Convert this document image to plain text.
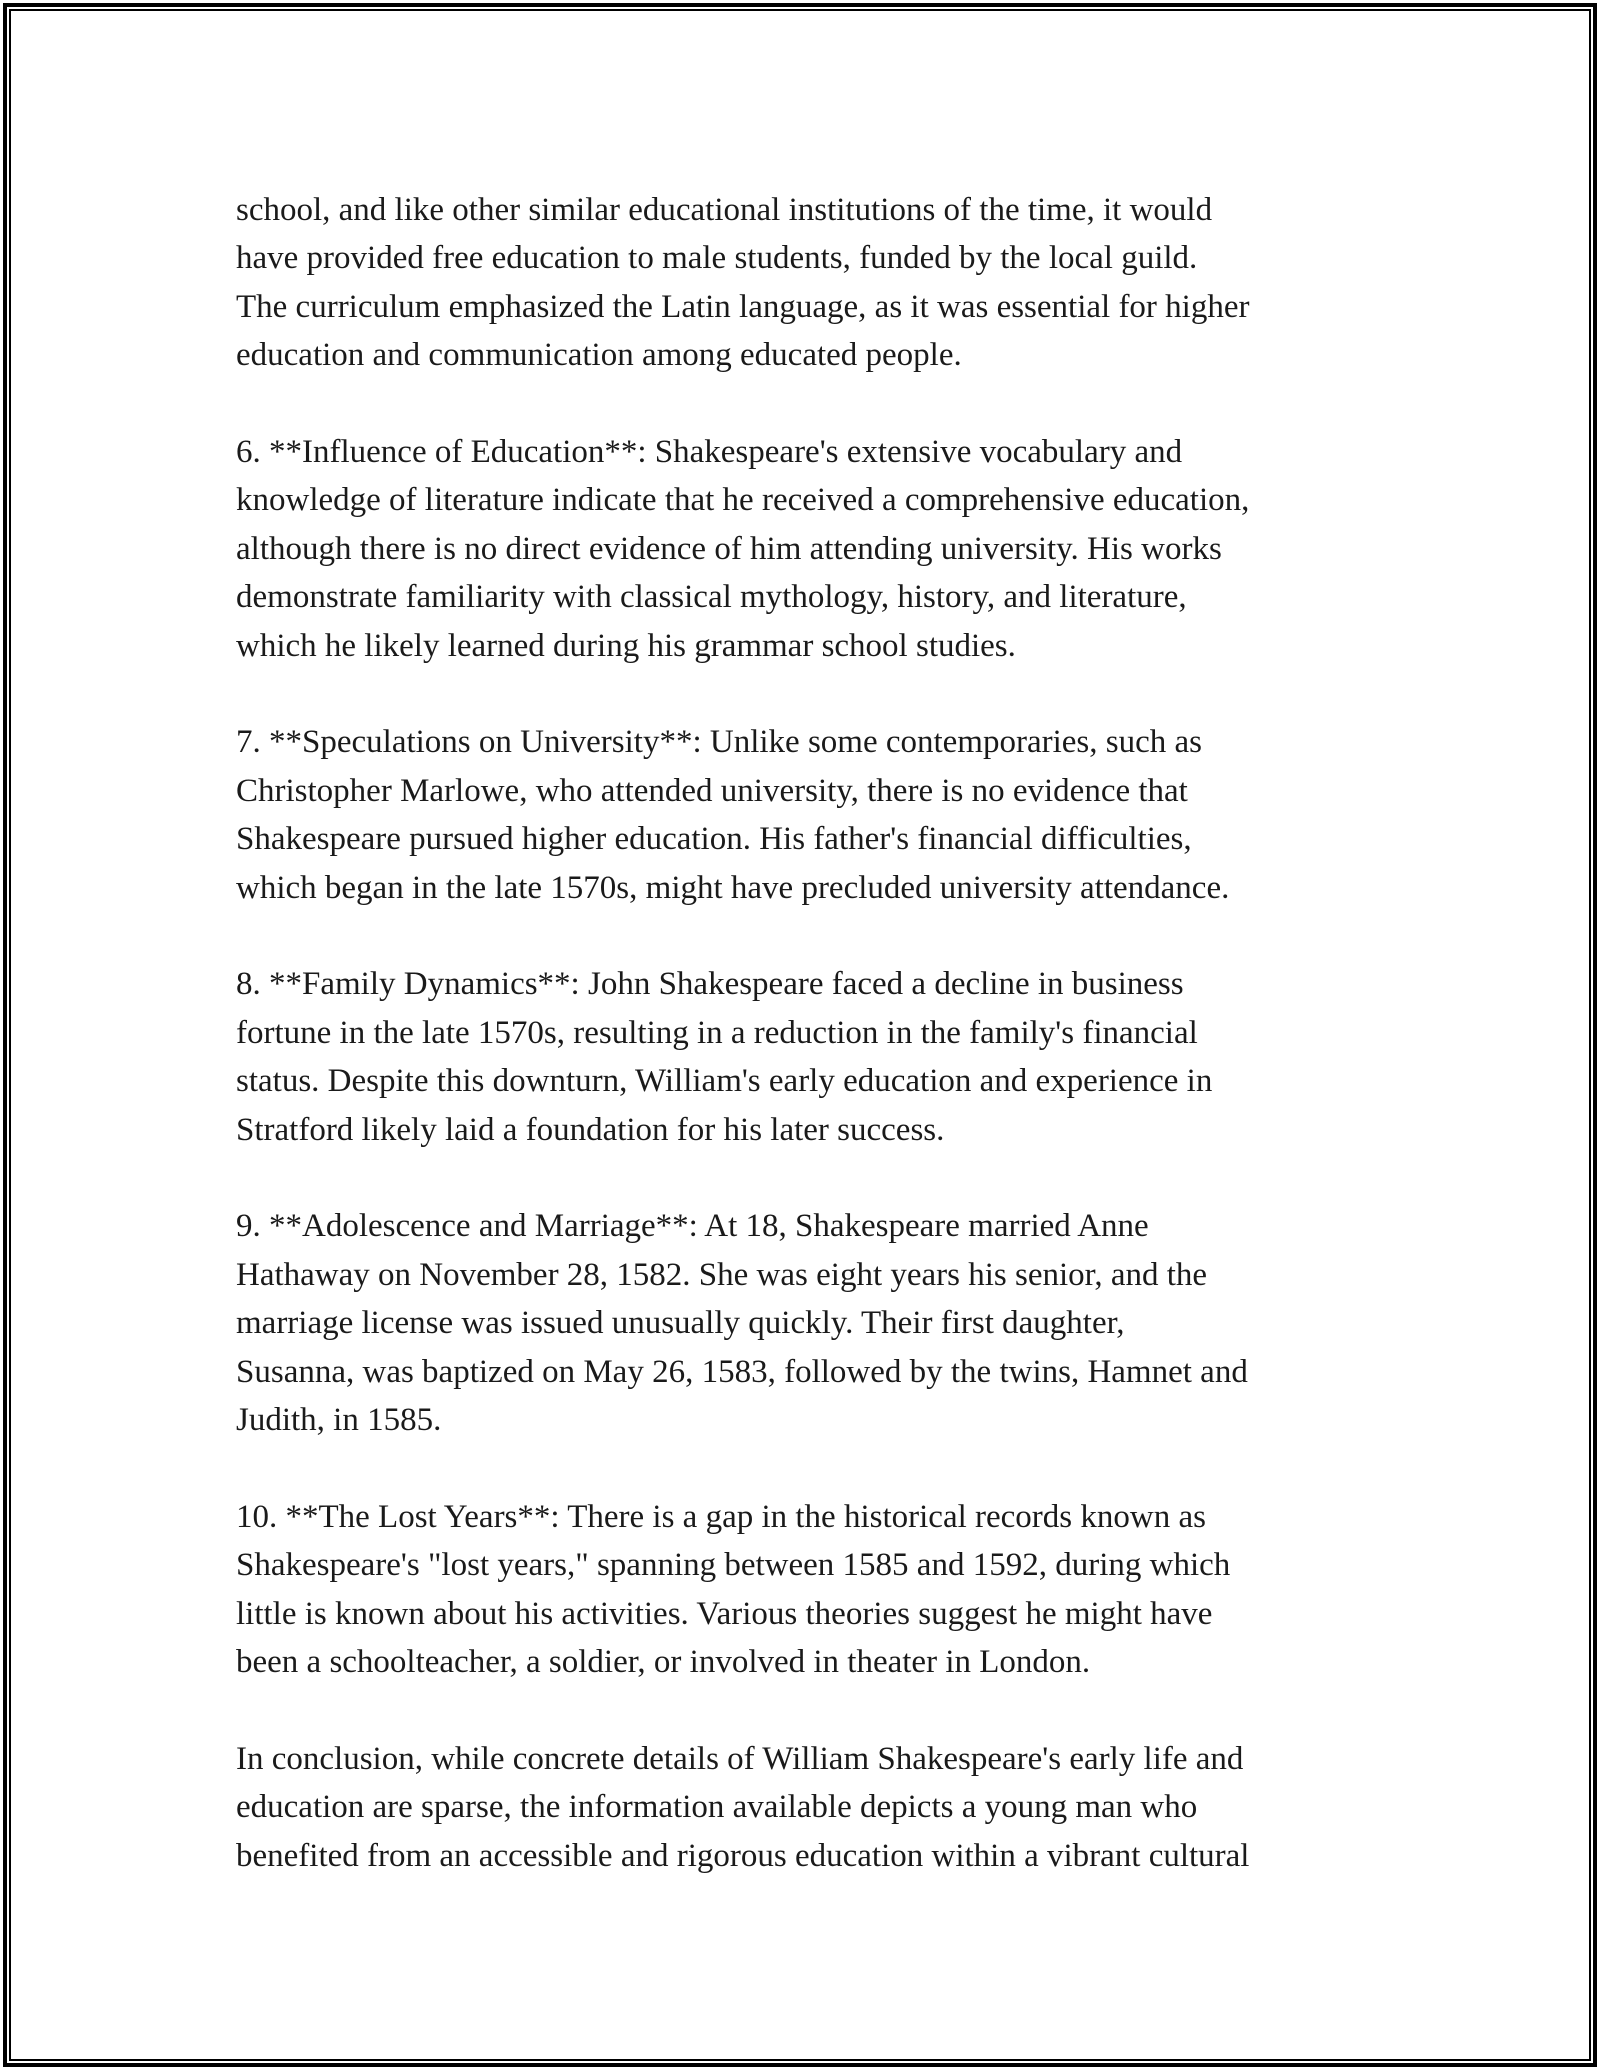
school, and like other similar educational institutions of the time, it would
have provided free education to male students, funded by the local guild.
The curriculum emphasized the Latin language, as it was essential for higher
education and communication among educated people.

6. **Influence of Education**: Shakespeare's extensive vocabulary and
knowledge of literature indicate that he received a comprehensive education,
although there is no direct evidence of him attending university. His works
demonstrate familiarity with classical mythology, history, and literature,
which he likely learned during his grammar school studies.

7. **Speculations on University**: Unlike some contemporaries, such as
Christopher Marlowe, who attended university, there is no evidence that
Shakespeare pursued higher education. His father's financial difficulties,
which began in the late 1570s, might have precluded university attendance.

8. **Family Dynamics**: John Shakespeare faced a decline in business
fortune in the late 1570s, resulting in a reduction in the family's financial
status. Despite this downturn, William's early education and experience in
Stratford likely laid a foundation for his later success.

9. **Adolescence and Marriage**: At 18, Shakespeare married Anne
Hathaway on November 28, 1582. She was eight years his senior, and the
marriage license was issued unusually quickly. Their first daughter,
Susanna, was baptized on May 26, 1583, followed by the twins, Hamnet and
Judith, in 1585.

10. **The Lost Years**: There is a gap in the historical records known as
Shakespeare's "lost years," spanning between 1585 and 1592, during which
little is known about his activities. Various theories suggest he might have
been a schoolteacher, a soldier, or involved in theater in London.

In conclusion, while concrete details of William Shakespeare's early life and
education are sparse, the information available depicts a young man who
benefited from an accessible and rigorous education within a vibrant cultural
